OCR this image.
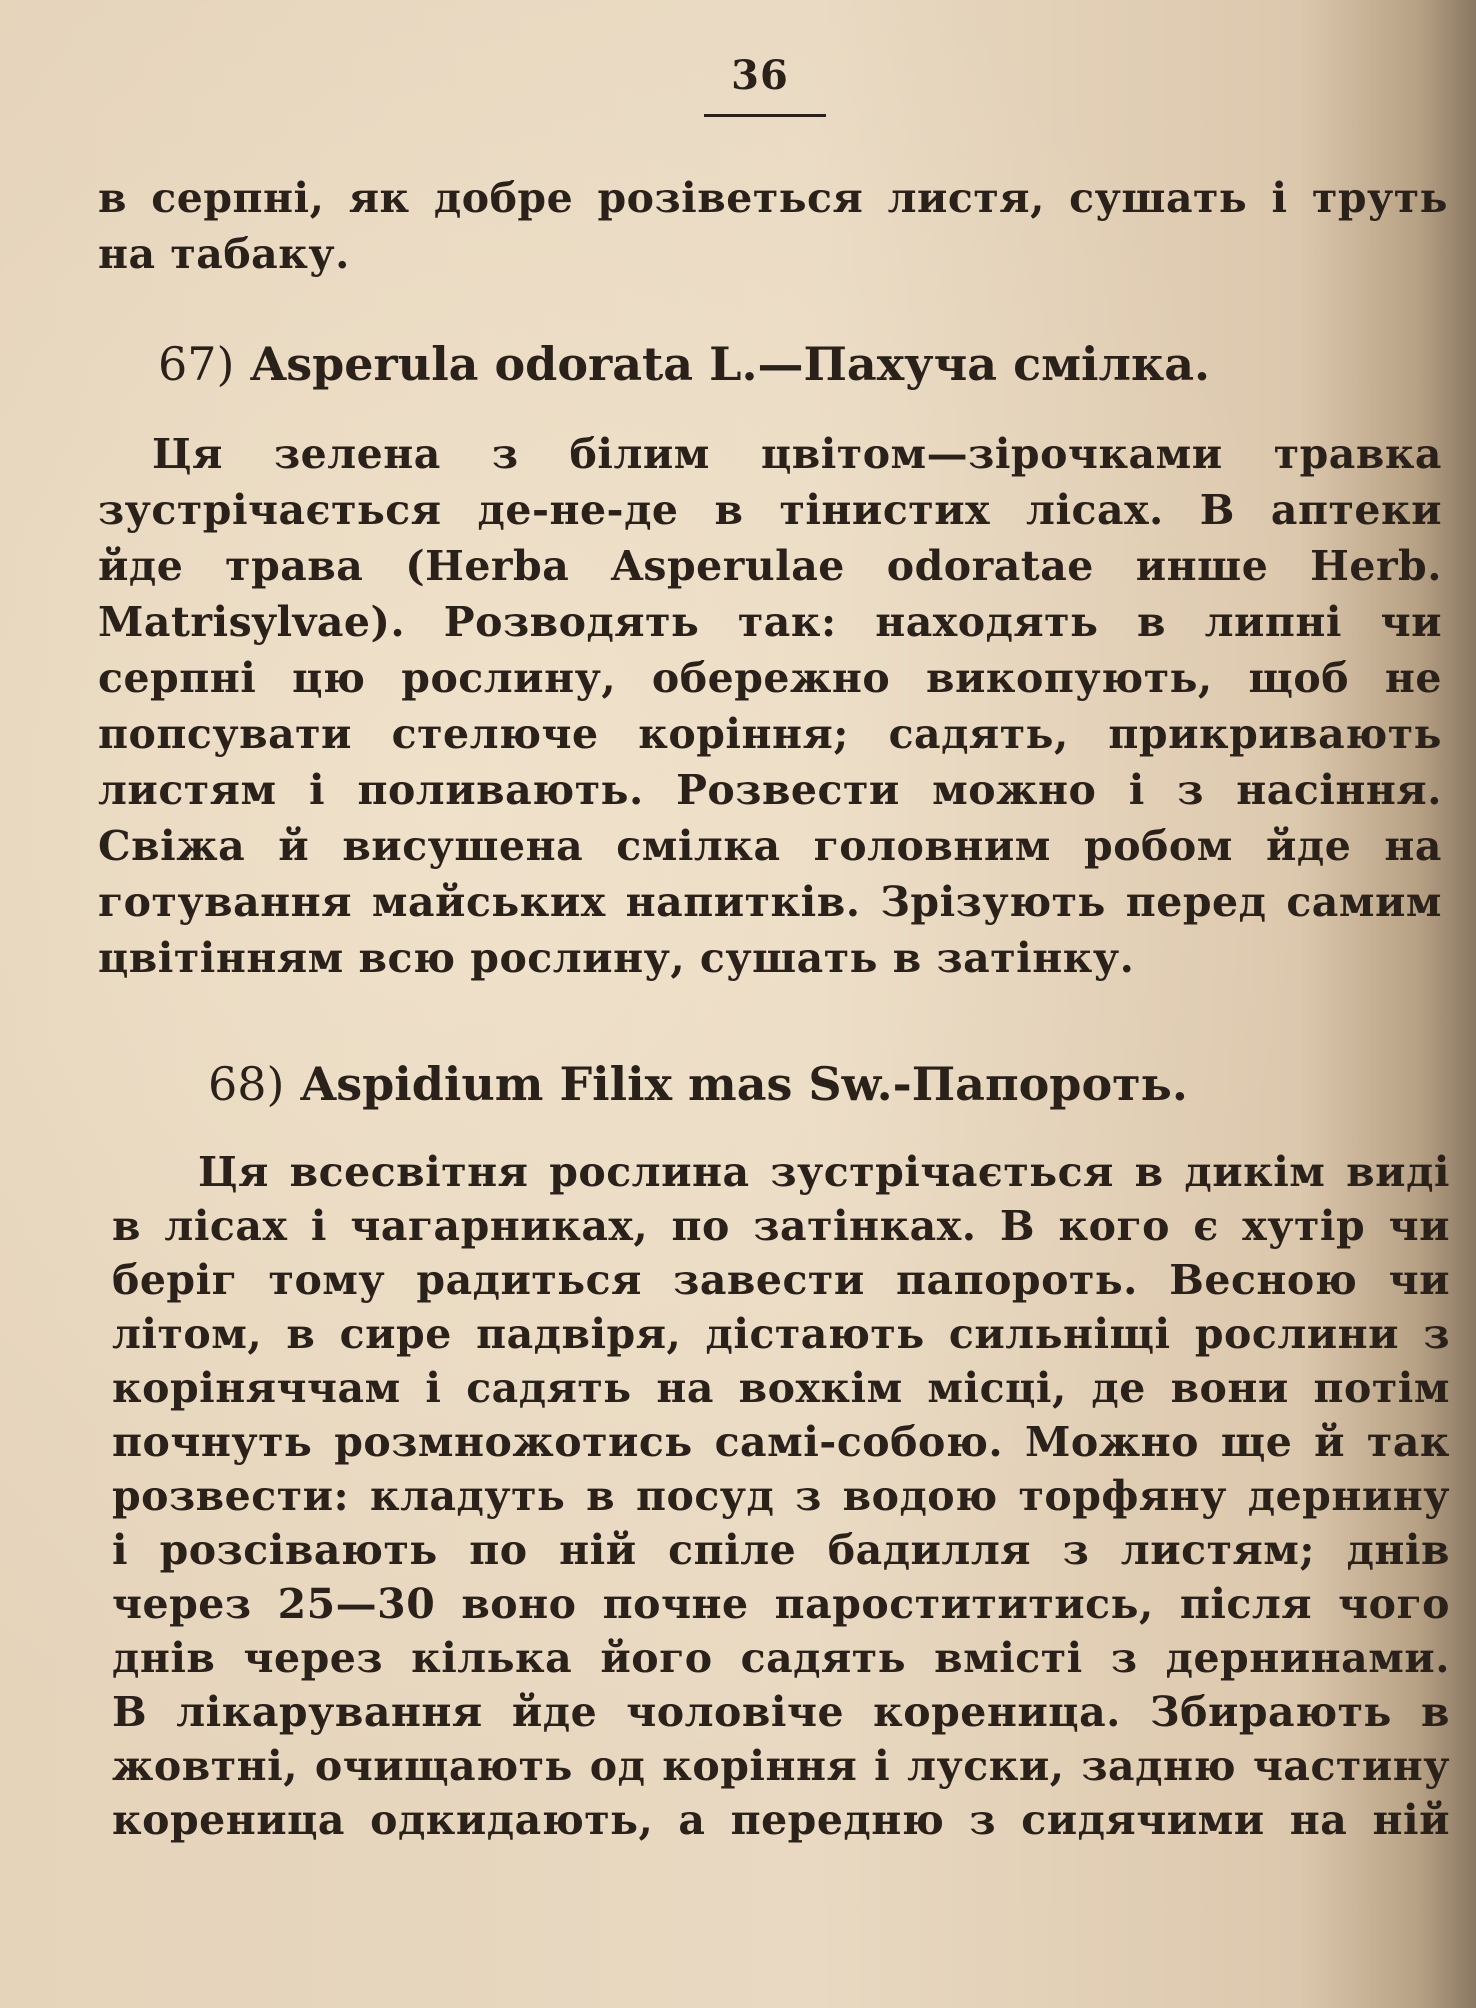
36
в серпні, як добре розіветься листя, сушать і труть
на табаку.
67) Asperula odorata L.—Пахуча смілка.
Ця зелена з білим цвітом—зірочками травка
зустрічається де-не-де в тінистих лісах. В аптеки
йде трава (Herba Asperulae odoratae инше Herb.
Matrisylvae). Розводять так: находять в липні чи
серпні цю рослину, обережно викопують, щоб не
попсувати стелюче коріння; садять, прикривають
листям і поливають. Розвести можно і з насіння.
Свіжа й висушена смілка головним робом йде на
готування майських напитків. Зрізують перед самим
цвітінням всю рослину, сушать в затінку.
68) Aspidium Filix mas Sw.-Папороть.
Ця всесвітня рослина зустрічається в дикім виді
в лісах і чагарниках, по затінках. В кого є хутір чи
беріг тому радиться завести папороть. Весною чи
літом, в сире падвіря, дістають сильніщі рослини з
коріняччам і садять на вохкім місці, де вони потім
почнуть розмножотись самі-собою. Можно ще й так
розвести: кладуть в посуд з водою торфяну дернину
і розсівають по ній спіле бадилля з листям; днів
через 25—30 воно почне паростититись, після чого
днів через кілька його садять вмісті з дернинами.
В лікарування йде чоловіче кореница. Збирають в
жовтні, очищають од коріння і луски, задню частину
кореница одкидають, а передню з сидячими на ній
